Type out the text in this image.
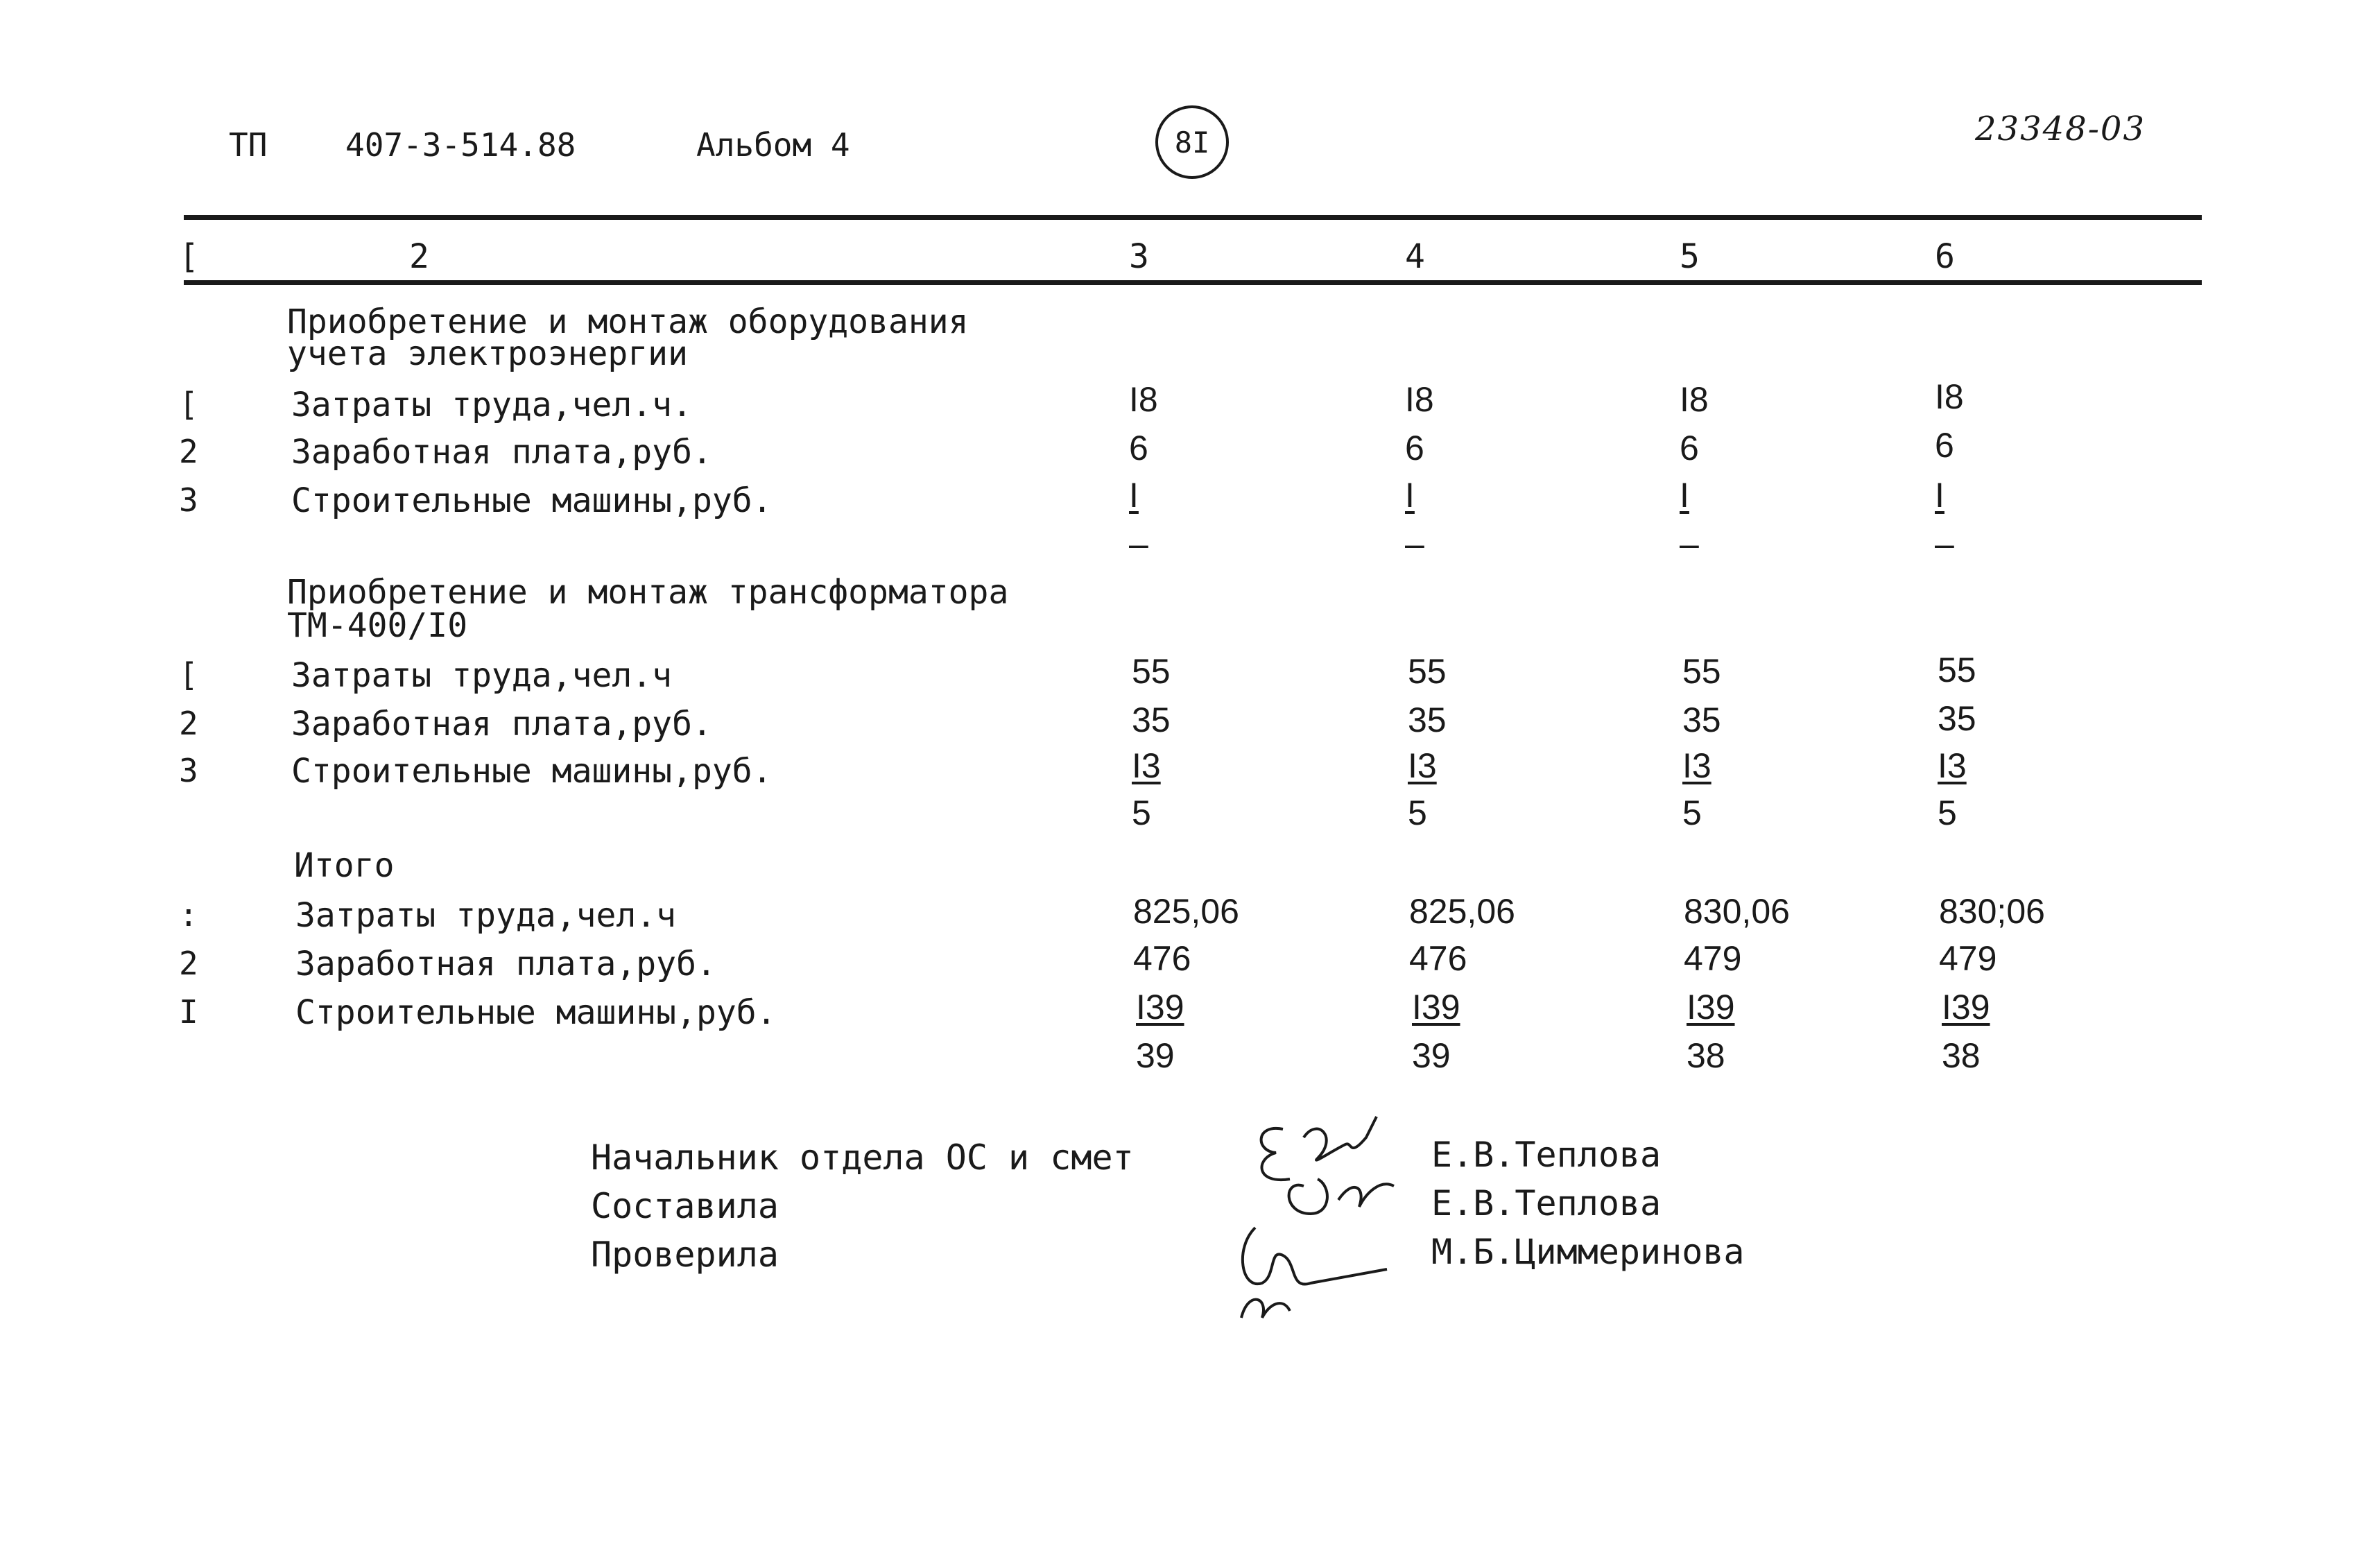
ТП 407-3-514.88	Альбом 4	8I	23348-03
[	2	3	4	5	6
Приобретение и монтаж оборудования
учета электроэнергии
[	Затраты труда,чел.ч.	I8	I8	I8	I8
2	Заработная плата,руб.	6	6	6	6
3	Строительные машины,руб.	I	I	I	I
–	–	–	–
Приобретение и монтаж трансформатора
ТМ-400/I0
[	Затраты труда,чел.ч	55	55	55	55
2	Заработная плата,руб.	35	35	35	35
3	Строительные машины,руб.	I3	I3	I3	I3
5	5	5	5
Итого
:	Затраты труда,чел.ч	825,06	825,06	830,06	830;06
2	Заработная плата,руб.	476	476	479	479
I	Строительные машины,руб.	I39	I39	I39	I39
39	39	38	38
Начальник отдела ОС и смет
Составила
Проверила
Е.В.Теплова
Е.В.Теплова
М.Б.Циммеринова
